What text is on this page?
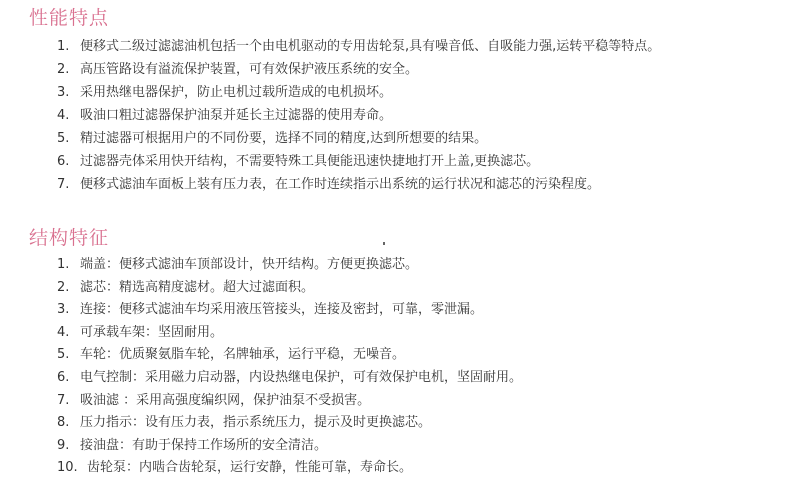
性能特点
1. 便移式二级过滤滤油机包括一个由电机驱动的专用齿轮泵,具有噪音低、自吸能力强,运转平稳等特点。
2. 高压管路设有溢流保护装置，可有效保护液压系统的安全。
3. 采用热继电器保护，防止电机过载所造成的电机损坏。
4. 吸油口粗过滤器保护油泵并延长主过滤器的使用寿命。
5. 精过滤器可根据用户的不同份要，选择不同的精度,达到所想要的结果。
6. 过滤器壳体采用快开结构，不需要特殊工具便能迅速快捷地打开上盖,更换滤芯。
7. 便移式滤油车面板上装有压力表，在工作时连续指示出系统的运行状况和滤芯的污染程度。
结构特征
1. 端盖：便移式滤油车顶部设计，快开结构。方便更换滤芯。
2. 滤芯：精选高精度滤材。超大过滤面积。
3. 连接：便移式滤油车均采用液压管接头，连接及密封，可靠，零泄漏。
4. 可承载车架：坚固耐用。
5. 车轮：优质聚氨脂车轮，名牌轴承，运行平稳，无噪音。
6. 电气控制：采用磁力启动器，内设热继电保护，可有效保护电机，坚固耐用。
7. 吸油滤 ：采用高强度编织网，保护油泵不受损害。
8. 压力指示：设有压力表，指示系统压力，提示及时更换滤芯。
9. 接油盘：有助于保持工作场所的安全清洁。
10. 齿轮泵：内啮合齿轮泵，运行安静，性能可靠，寿命长。
